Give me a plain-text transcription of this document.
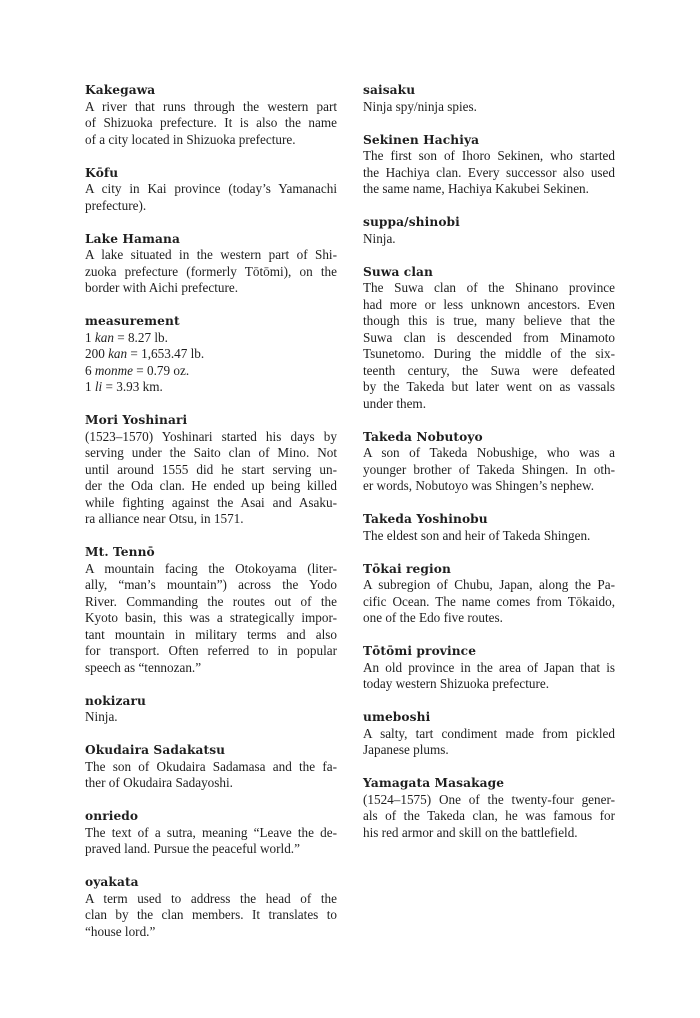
Kakegawa
A river that runs through the western part
of Shizuoka prefecture. It is also the name
of a city located in Shizuoka prefecture.
Kōfu
A city in Kai province (today’s Yamanachi
prefecture).
Lake Hamana
A lake situated in the western part of Shi-
zuoka prefecture (formerly Tōtōmi), on the
border with Aichi prefecture.
measurement
1 kan = 8.27 lb.
200 kan = 1,653.47 lb.
6 monme = 0.79 oz.
1 li = 3.93 km.
Mori Yoshinari
(1523–1570) Yoshinari started his days by
serving under the Saito clan of Mino. Not
until around 1555 did he start serving un-
der the Oda clan. He ended up being killed
while fighting against the Asai and Asaku-
ra alliance near Otsu, in 1571.
Mt. Tennō
A mountain facing the Otokoyama (liter-
ally, “man’s mountain”) across the Yodo
River. Commanding the routes out of the
Kyoto basin, this was a strategically impor-
tant mountain in military terms and also
for transport. Often referred to in popular
speech as “tennozan.”
nokizaru
Ninja.
Okudaira Sadakatsu
The son of Okudaira Sadamasa and the fa-
ther of Okudaira Sadayoshi.
onriedo
The text of a sutra, meaning “Leave the de-
praved land. Pursue the peaceful world.”
oyakata
A term used to address the head of the
clan by the clan members. It translates to
“house lord.”
saisaku
Ninja spy/ninja spies.
Sekinen Hachiya
The first son of Ihoro Sekinen, who started
the Hachiya clan. Every successor also used
the same name, Hachiya Kakubei Sekinen.
suppa/shinobi
Ninja.
Suwa clan
The Suwa clan of the Shinano province
had more or less unknown ancestors. Even
though this is true, many believe that the
Suwa clan is descended from Minamoto
Tsunetomo. During the middle of the six-
teenth century, the Suwa were defeated
by the Takeda but later went on as vassals
under them.
Takeda Nobutoyo
A son of Takeda Nobushige, who was a
younger brother of Takeda Shingen. In oth-
er words, Nobutoyo was Shingen’s nephew.
Takeda Yoshinobu
The eldest son and heir of Takeda Shingen.
Tōkai region
A subregion of Chubu, Japan, along the Pa-
cific Ocean. The name comes from Tōkaido,
one of the Edo five routes.
Tōtōmi province
An old province in the area of Japan that is
today western Shizuoka prefecture.
umeboshi
A salty, tart condiment made from pickled
Japanese plums.
Yamagata Masakage
(1524–1575) One of the twenty-four gener-
als of the Takeda clan, he was famous for
his red armor and skill on the battlefield.
